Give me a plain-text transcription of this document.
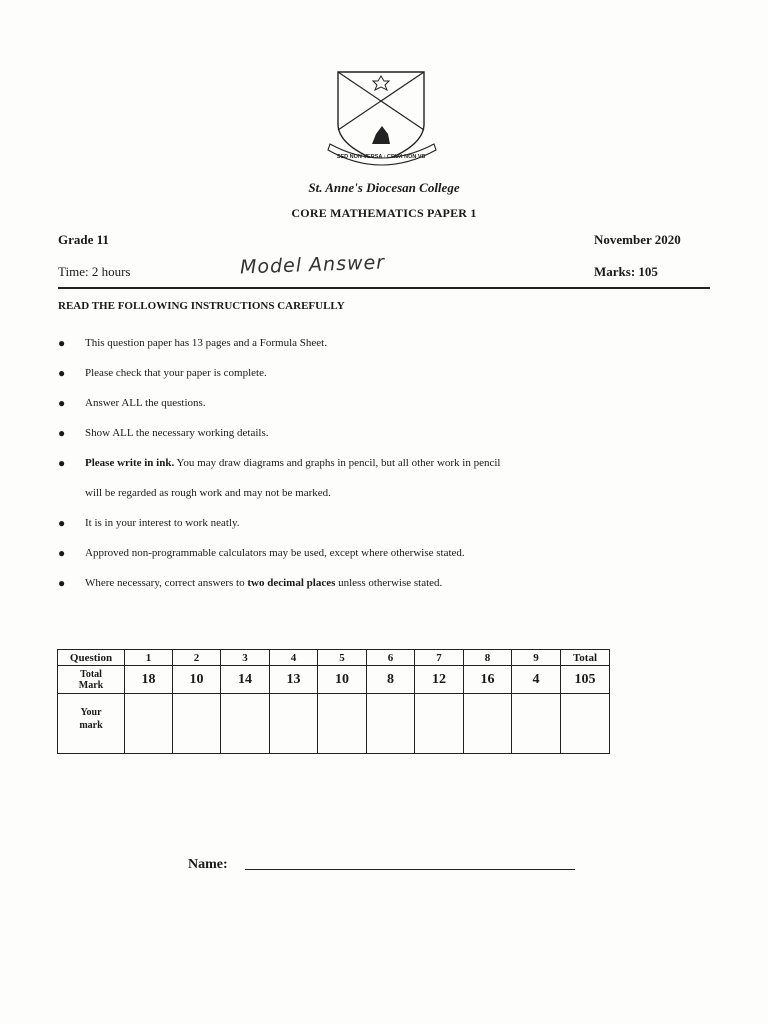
SED NON VERSA · CRUX NON VS
St. Anne's Diocesan College
CORE MATHEMATICS PAPER 1
Grade 11	November 2020
Time: 2 hours	Model Answer	Marks: 105
READ THE FOLLOWING INSTRUCTIONS CAREFULLY
● This question paper has 13 pages and a Formula Sheet.
● Please check that your paper is complete.
● Answer ALL the questions.
● Show ALL the necessary working details.
● Please write in ink. You may draw diagrams and graphs in pencil, but all other work in pencil
will be regarded as rough work and may not be marked.
● It is in your interest to work neatly.
● Approved non-programmable calculators may be used, except where otherwise stated.
● Where necessary, correct answers to two decimal places unless otherwise stated.
Question	1	2	3	4	5	6	7	8	9	Total
Total
Mark	18	10	14	13	10	8	12	16	4	105
Your
mark										
Name:
